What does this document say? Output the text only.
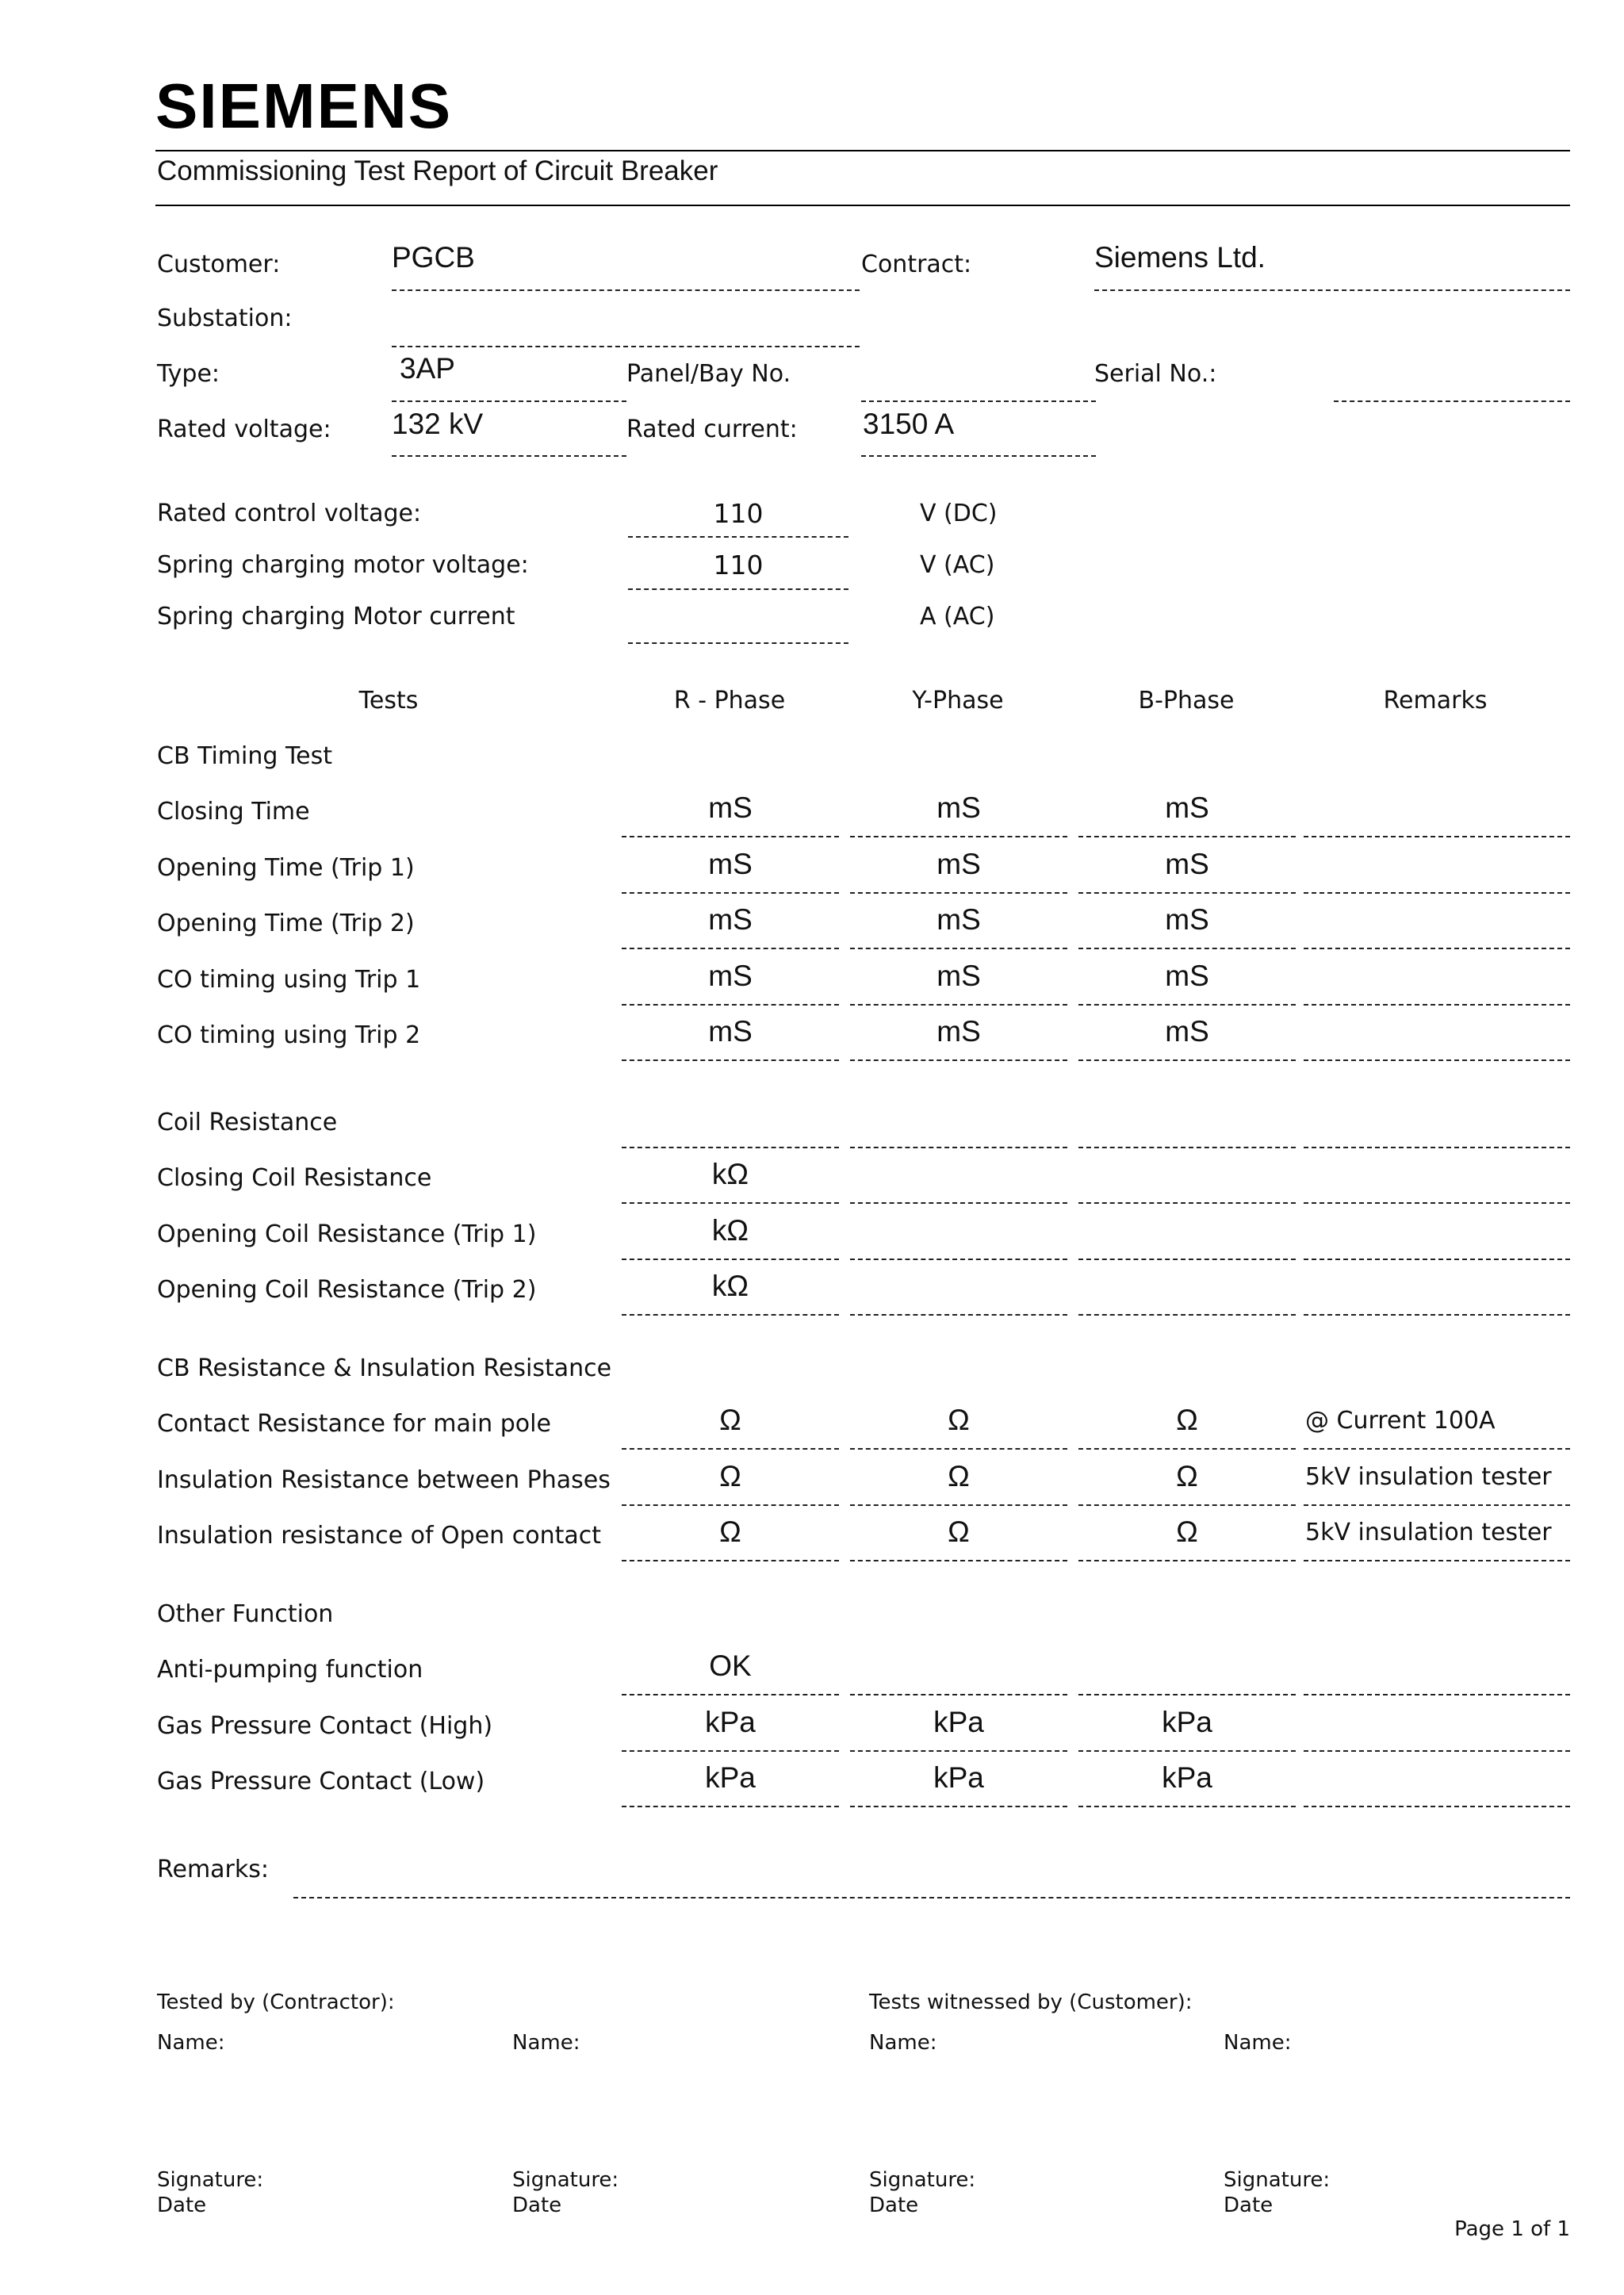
SIEMENS
Commissioning Test Report of Circuit Breaker
Customer:	PGCB	Contract:	Siemens Ltd.
Substation:
Type:	3AP	Panel/Bay No.	Serial No.:
Rated voltage: 132 kV	Rated current: 3150 A
Rated control voltage:	110	V (DC)
Spring charging motor voltage:	110	V (AC)
Spring charging Motor current	A (AC)
Tests	R - Phase	Y-Phase	B-Phase	Remarks
CB Timing Test
Closing Time	mS	mS	mS
Opening Time (Trip 1)	mS	mS	mS
Opening Time (Trip 2)	mS	mS	mS
CO timing using Trip 1	mS	mS	mS
CO timing using Trip 2	mS	mS	mS
Coil Resistance
Closing Coil Resistance	kΩ
Opening Coil Resistance (Trip 1)	kΩ
Opening Coil Resistance (Trip 2)	kΩ
CB Resistance & Insulation Resistance
Contact Resistance for main pole	Ω	Ω	Ω	@ Current 100A
Insulation Resistance between Phases	Ω	Ω	Ω	5kV insulation tester
Insulation resistance of Open contact	Ω	Ω	Ω	5kV insulation tester
Other Function
Anti-pumping function	OK
Gas Pressure Contact (High)	kPa	kPa	kPa
Gas Pressure Contact (Low)	kPa	kPa	kPa
Remarks:
Tested by (Contractor):	Tests witnessed by (Customer):
Name:	Name:	Name:	Name:
Signature:	Signature:	Signature:	Signature:
Date	Date	Date	Date
Page 1 of 1
